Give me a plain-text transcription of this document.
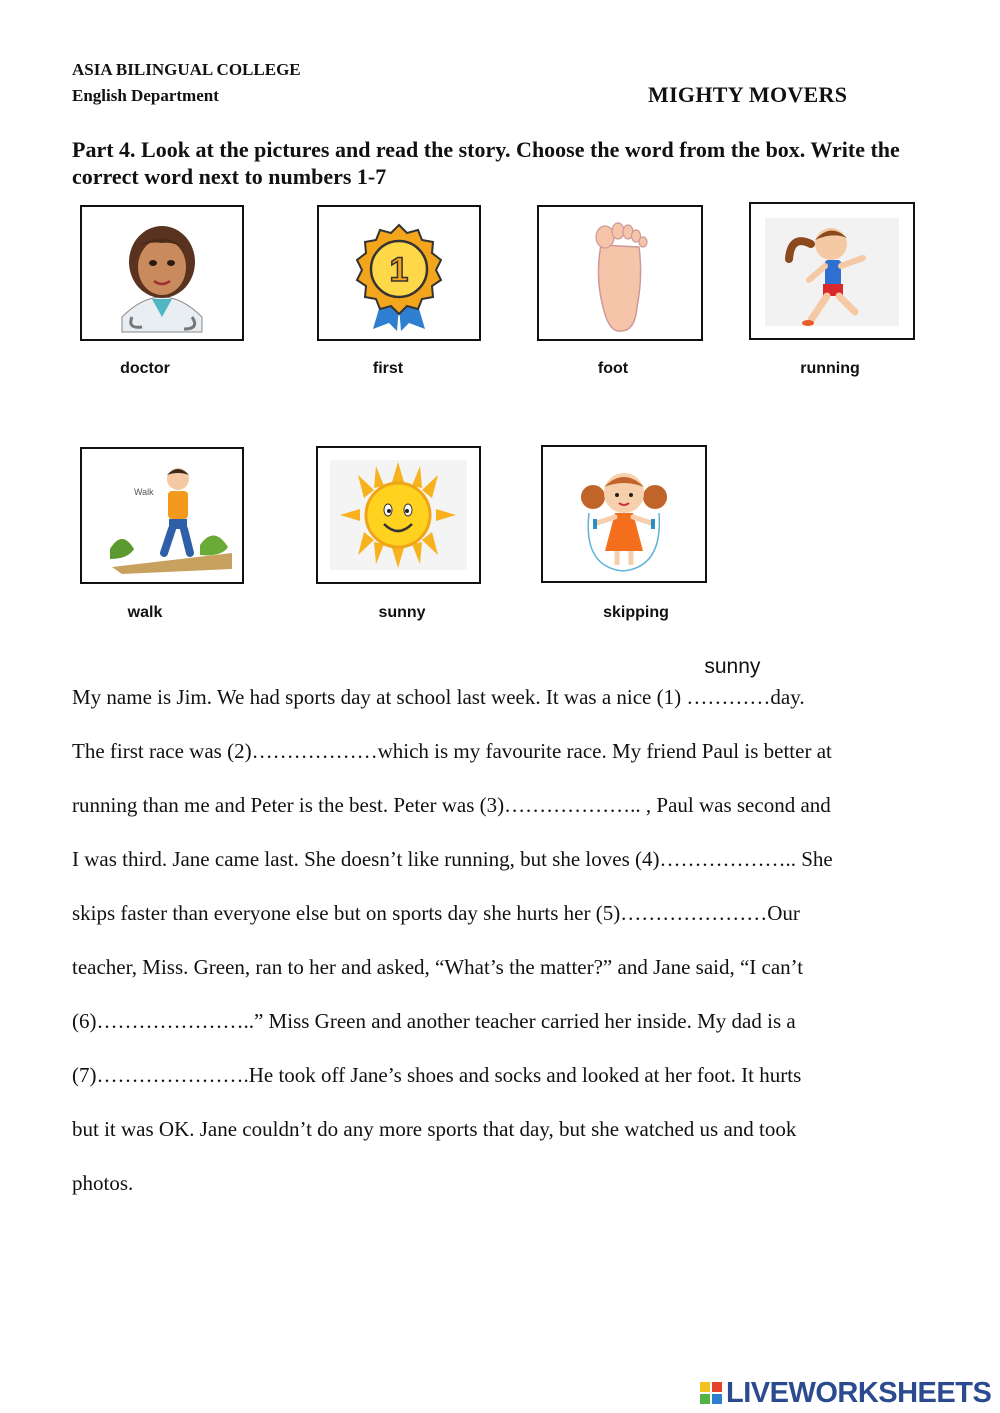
ASIA BILINGUAL COLLEGE
English Department	MIGHTY MOVERS
Part 4. Look at the pictures and read the story. Choose the word from the box. Write the correct word next to numbers 1-7
1
doctor	first	foot	running
Walk
walk	sunny	skipping
My name is Jim. We had sports day at school last week. It was a nice (1)
sunny
…………day.
The first race was (2)………………which is my favourite race. My friend Paul is better at
running than me and Peter is the best. Peter was (3)……………….. , Paul was second and
I was third. Jane came last. She doesn’t like running, but she loves (4)……………….. She
skips faster than everyone else but on sports day she hurts her (5)…………………Our
teacher, Miss. Green, ran to her and asked, “What’s the matter?” and Jane said, “I can’t
(6)…………………..” Miss Green and another teacher carried her inside. My dad is a
(7)………………….He took off Jane’s shoes and socks and looked at her foot. It hurts
but it was OK. Jane couldn’t do any more sports that day, but she watched us and took
photos.
LIVEWORKSHEETS
